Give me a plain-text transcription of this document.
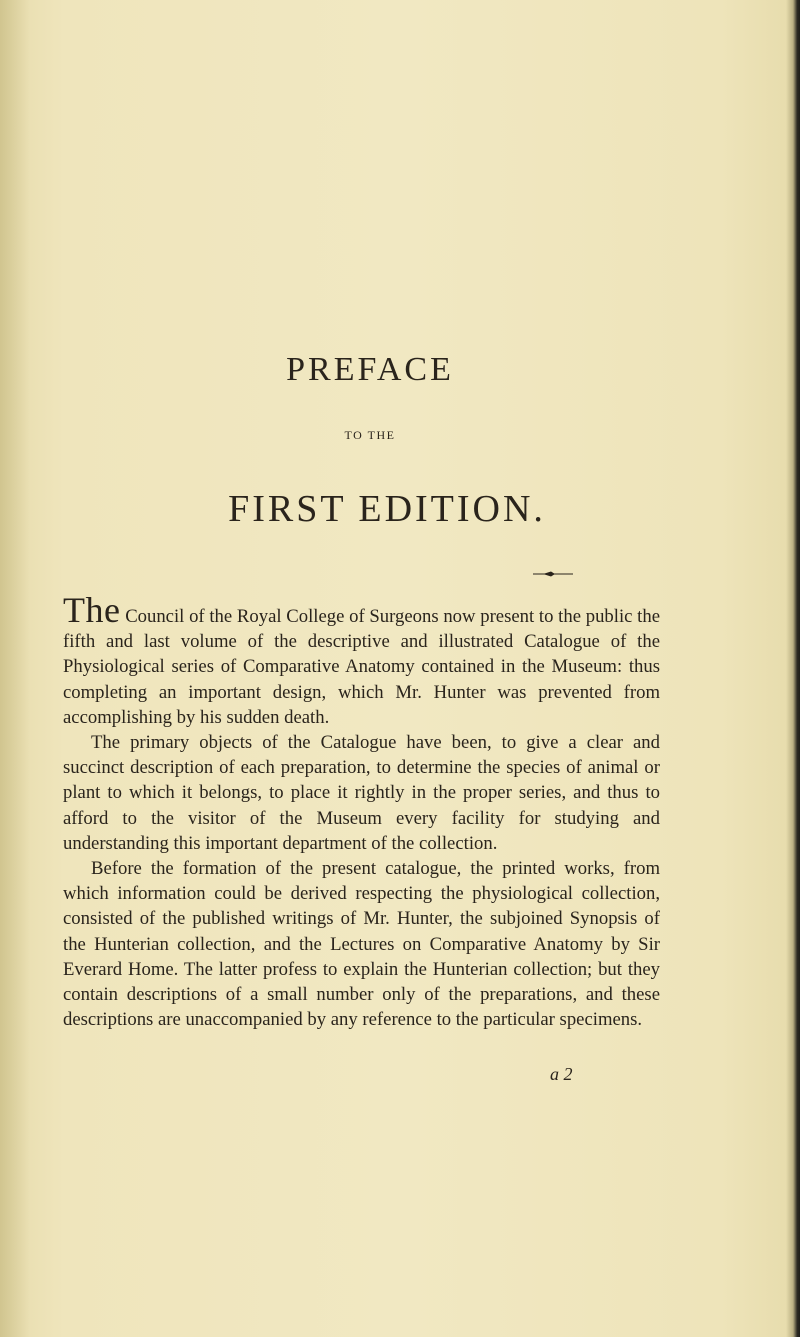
PREFACE
TO THE
FIRST EDITION.

The Council of the Royal College of Surgeons now present to the public the fifth and last volume of the descriptive and illustrated Catalogue of the Physiological series of Comparative Anatomy contained in the Museum: thus completing an important design, which Mr. Hunter was prevented from accomplishing by his sudden death.

The primary objects of the Catalogue have been, to give a clear and succinct description of each preparation, to determine the species of animal or plant to which it belongs, to place it rightly in the proper series, and thus to afford to the visitor of the Museum every facility for studying and understanding this important department of the collection.

Before the formation of the present catalogue, the printed works, from which information could be derived respecting the physiological collection, consisted of the published writings of Mr. Hunter, the subjoined Synopsis of the Hunterian collection, and the Lectures on Comparative Anatomy by Sir Everard Home. The latter profess to explain the Hunterian collection; but they contain descriptions of a small number only of the preparations, and these descriptions are unaccompanied by any reference to the particular specimens.

a 2
